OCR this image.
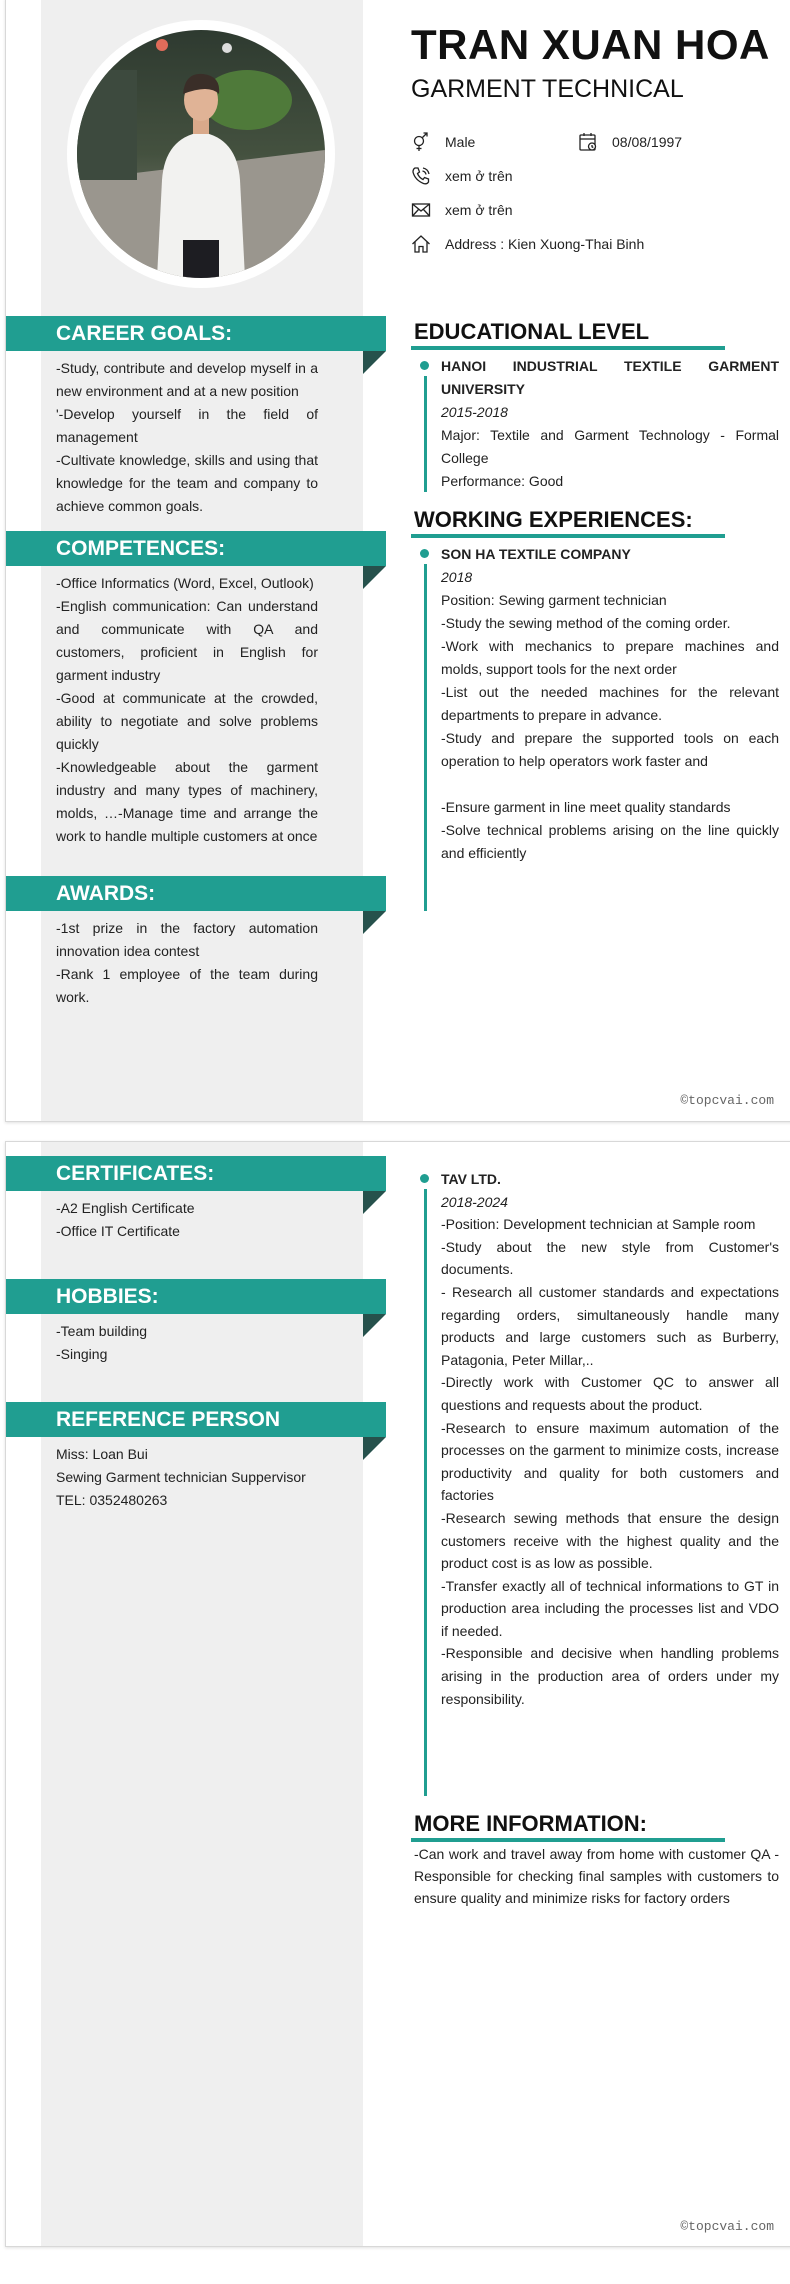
TRAN XUAN HOA
GARMENT TECHNICAL
Male	08/08/1997
xem ở trên
xem ở trên
Address : Kien Xuong-Thai Binh
CAREER GOALS:

-Study, contribute and develop myself in a new environment and at a new position

'-Develop yourself in the field of management

-Cultivate knowledge, skills and using that knowledge for the team and company to achieve common goals.

COMPETENCES:

-Office Informatics (Word, Excel, Outlook)

-English communication: Can understand and communicate with QA and customers, proficient in English for garment industry

-Good at communicate at the crowded, ability to negotiate and solve problems quickly

-Knowledgeable about the garment industry and many types of machinery, molds, …-Manage time and arrange the work to handle multiple customers at once

AWARDS:

-1st prize in the factory automation innovation idea contest

-Rank 1 employee of the team during work.

EDUCATIONAL LEVEL

HANOI INDUSTRIAL TEXTILE GARMENT UNIVERSITY

2015-2018

Major: Textile and Garment Technology - Formal College

Performance: Good

WORKING EXPERIENCES:

SON HA TEXTILE COMPANY

2018

Position: Sewing garment technician

-Study the sewing method of the coming order.

-Work with mechanics to prepare machines and molds, support tools for the next order

-List out the needed machines for the relevant departments to prepare in advance.

-Study and prepare the supported tools on each operation to help operators work faster and

-Ensure garment in line meet quality standards

-Solve technical problems arising on the line quickly and efficiently

©topcvai.com
CERTIFICATES:

-A2 English Certificate

-Office IT Certificate

HOBBIES:

-Team building

-Singing

REFERENCE PERSON

Miss: Loan Bui

Sewing Garment technician Suppervisor

TEL: 0352480263

TAV LTD.

2018-2024

-Position: Development technician at Sample room

-Study about the new style from Customer's documents.

- Research all customer standards and expectations regarding orders, simultaneously handle many products and large customers such as Burberry, Patagonia, Peter Millar,..

-Directly work with Customer QC to answer all questions and requests about the product.

-Research to ensure maximum automation of the processes on the garment to minimize costs, increase productivity and quality for both customers and factories

-Research sewing methods that ensure the design customers receive with the highest quality and the product cost is as low as possible.

-Transfer exactly all of technical informations to GT in production area including the processes list and VDO if needed.

-Responsible and decisive when handling problems arising in the production area of orders under my responsibility.

MORE INFORMATION:

-Can work and travel away from home with customer QA - Responsible for checking final samples with customers to ensure quality and minimize risks for factory orders

©topcvai.com
